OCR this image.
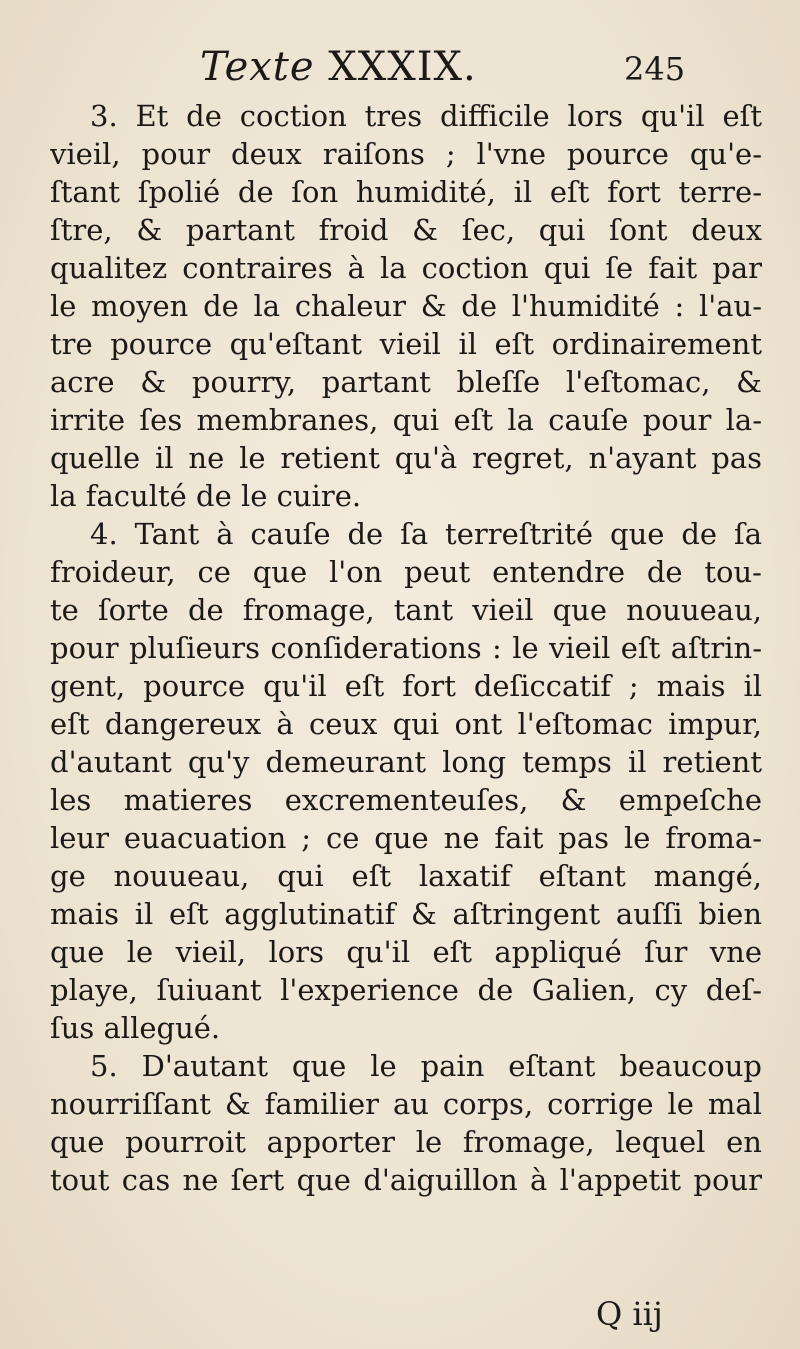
Texte XXXIX.	245
3. Et de coction tres difficile lors qu'il eſt
vieil, pour deux raiſons ; l'vne pource qu'e-
ſtant ſpolié de ſon humidité, il eſt fort terre-
ſtre, & partant froid & ſec, qui ſont deux
qualitez contraires à la coction qui ſe fait par
le moyen de la chaleur & de l'humidité : l'au-
tre pource qu'eſtant vieil il eſt ordinairement
acre & pourry, partant bleſſe l'eſtomac, &
irrite ſes membranes, qui eſt la cauſe pour la-
quelle il ne le retient qu'à regret, n'ayant pas
la faculté de le cuire.
4. Tant à cauſe de ſa terreſtrité que de ſa
froideur, ce que l'on peut entendre de tou-
te ſorte de fromage, tant vieil que nouueau,
pour pluſieurs conſiderations : le vieil eſt aſtrin-
gent, pource qu'il eſt fort deſiccatif ; mais il
eſt dangereux à ceux qui ont l'eſtomac impur,
d'autant qu'y demeurant long temps il retient
les matieres excrementeuſes, & empeſche
leur euacuation ; ce que ne fait pas le froma-
ge nouueau, qui eſt laxatif eſtant mangé,
mais il eſt agglutinatif & aſtringent auſſi bien
que le vieil, lors qu'il eſt appliqué ſur vne
playe, ſuiuant l'experience de Galien, cy deſ-
ſus allegué.
5. D'autant que le pain eſtant beaucoup
nourriſſant & familier au corps, corrige le mal
que pourroit apporter le fromage, lequel en
tout cas ne ſert que d'aiguillon à l'appetit pour
Q iij
